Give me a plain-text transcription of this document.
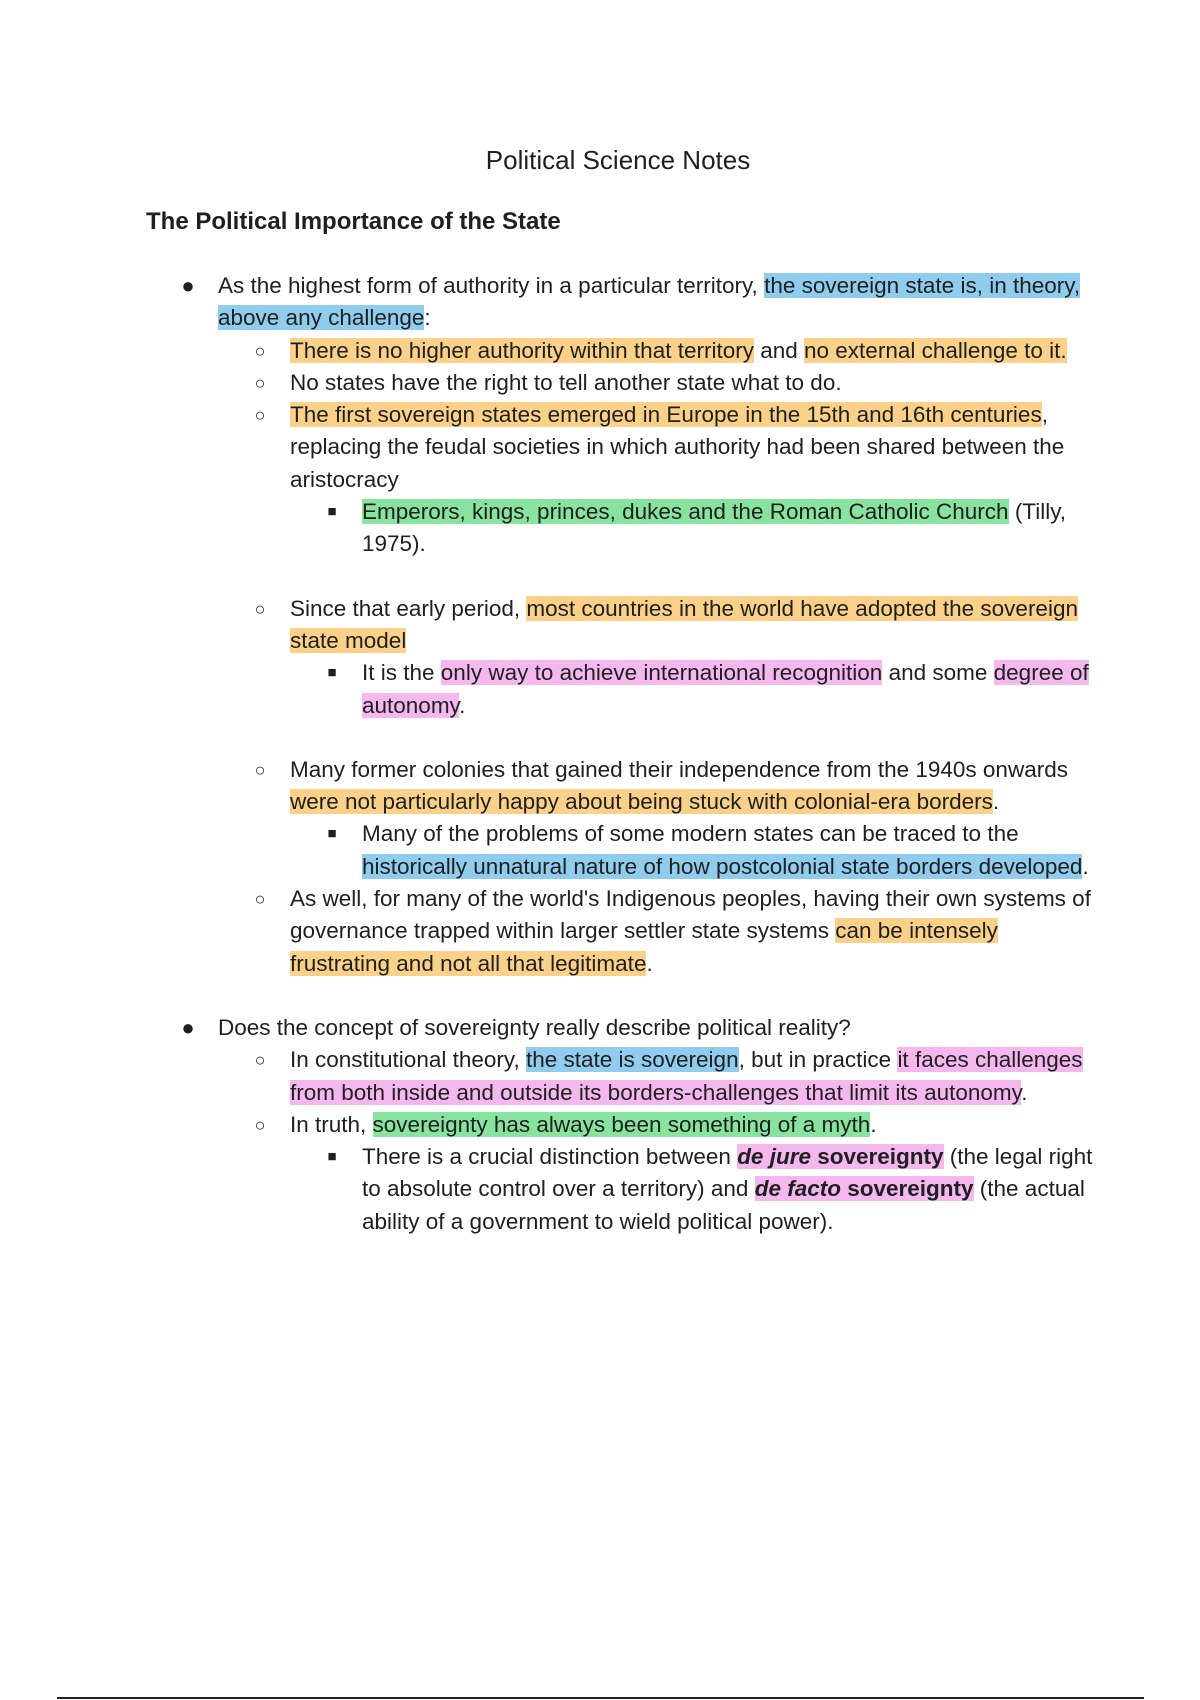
Political Science Notes
The Political Importance of the State
●	As the highest form of authority in a particular territory, the sovereign state is, in theory, above any challenge:
○	There is no higher authority within that territory and no external challenge to it.
○	No states have the right to tell another state what to do.
○	The first sovereign states emerged in Europe in the 15th and 16th centuries, replacing the feudal societies in which authority had been shared between the aristocracy
■	Emperors, kings, princes, dukes and the Roman Catholic Church (Tilly, 1975).
○	Since that early period, most countries in the world have adopted the sovereign state model
■	It is the only way to achieve international recognition and some degree of autonomy.
○	Many former colonies that gained their independence from the 1940s onwards were not particularly happy about being stuck with colonial-era borders.
■	Many of the problems of some modern states can be traced to the historically unnatural nature of how postcolonial state borders developed.
○	As well, for many of the world's Indigenous peoples, having their own systems of governance trapped within larger settler state systems can be intensely frustrating and not all that legitimate.
●	Does the concept of sovereignty really describe political reality?
○	In constitutional theory, the state is sovereign, but in practice it faces challenges from both inside and outside its borders-challenges that limit its autonomy.
○	In truth, sovereignty has always been something of a myth.
■	There is a crucial distinction between de jure sovereignty (the legal right to absolute control over a territory) and de facto sovereignty (the actual ability of a government to wield political power).
